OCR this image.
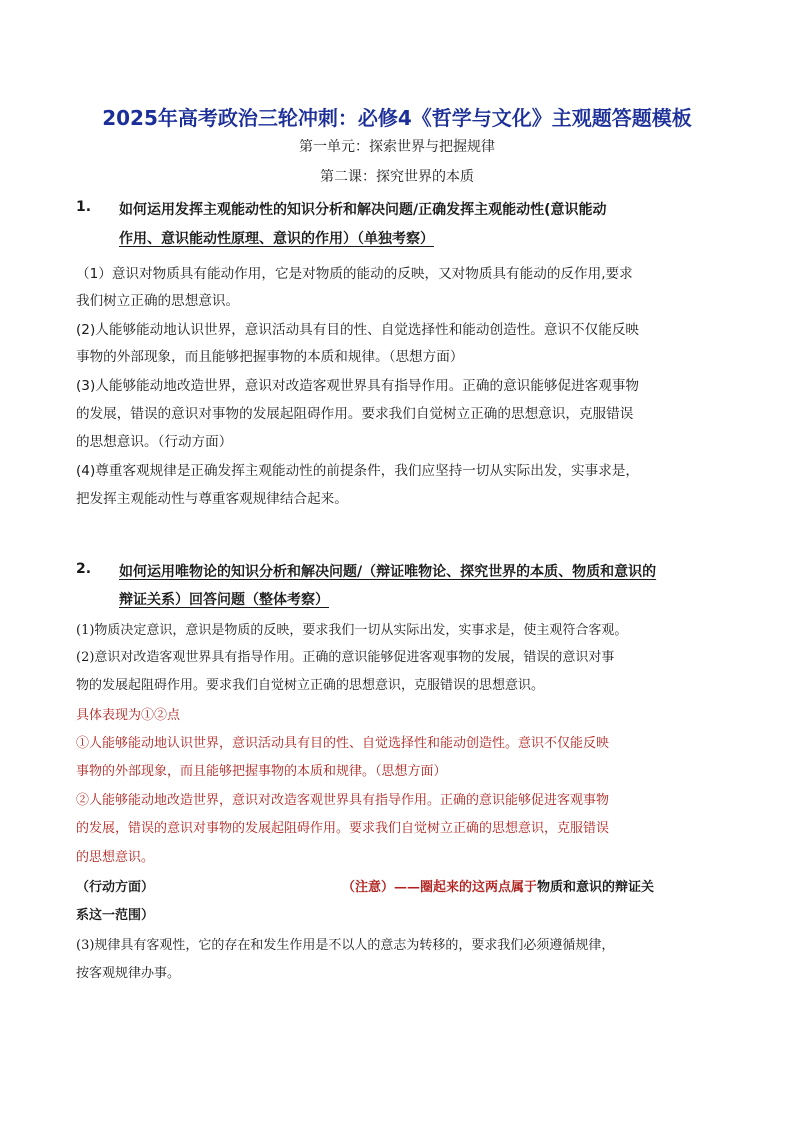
2025年高考政治三轮冲刺：必修4《哲学与文化》主观题答题模板
第一单元：探索世界与把握规律
第二课：探究世界的本质
1. 如何运用发挥主观能动性的知识分析和解决问题/正确发挥主观能动性(意识能动
作用、意识能动性原理、意识的作用）（单独考察）
（1）意识对物质具有能动作用，它是对物质的能动的反映，又对物质具有能动的反作用,要求
我们树立正确的思想意识。
(2)人能够能动地认识世界，意识活动具有目的性、自觉选择性和能动创造性。意识不仅能反映
事物的外部现象，而且能够把握事物的本质和规律。（思想方面）
(3)人能够能动地改造世界，意识对改造客观世界具有指导作用。正确的意识能够促进客观事物
的发展，错误的意识对事物的发展起阻碍作用。要求我们自觉树立正确的思想意识，克服错误
的思想意识。（行动方面）
(4)尊重客观规律是正确发挥主观能动性的前提条件，我们应坚持一切从实际出发，实事求是，
把发挥主观能动性与尊重客观规律结合起来。
2. 如何运用唯物论的知识分析和解决问题/（辩证唯物论、探究世界的本质、物质和意识的
辩证关系）回答问题（整体考察）
(1)物质决定意识，意识是物质的反映，要求我们一切从实际出发，实事求是，使主观符合客观。
(2)意识对改造客观世界具有指导作用。正确的意识能够促进客观事物的发展，错误的意识对事
物的发展起阻碍作用。要求我们自觉树立正确的思想意识，克服错误的思想意识。
具体表现为①②点
①人能够能动地认识世界，意识活动具有目的性、自觉选择性和能动创造性。意识不仅能反映
事物的外部现象，而且能够把握事物的本质和规律。（思想方面）
②人能够能动地改造世界，意识对改造客观世界具有指导作用。正确的意识能够促进客观事物
的发展，错误的意识对事物的发展起阻碍作用。要求我们自觉树立正确的思想意识，克服错误
的思想意识。
（行动方面）	（注意）——圈起来的这两点属于物质和意识的辩证关
系这一范围）
(3)规律具有客观性，它的存在和发生作用是不以人的意志为转移的，要求我们必须遵循规律，
按客观规律办事。
